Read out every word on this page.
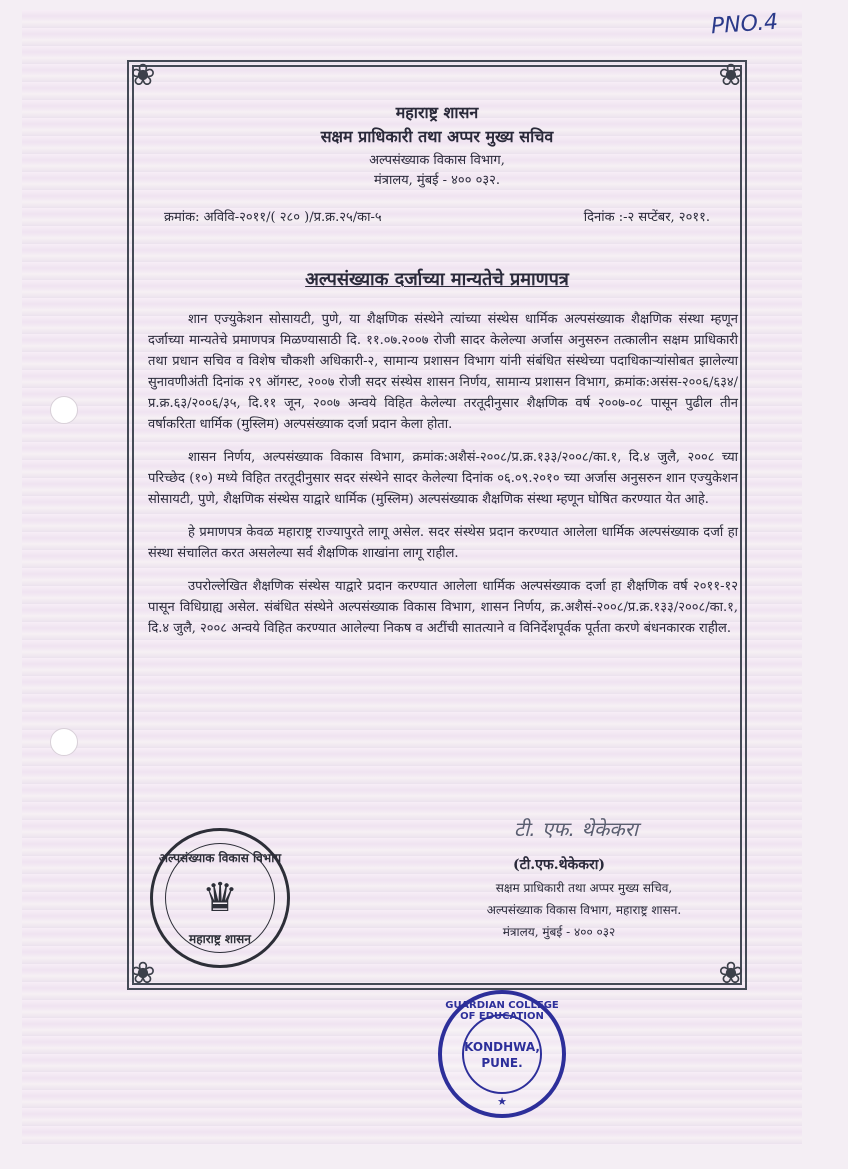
PNO.4
❀	❀
❀	❀
महाराष्ट्र शासन
सक्षम प्राधिकारी तथा अप्पर मुख्य सचिव
अल्पसंख्याक विकास विभाग,
मंत्रालय, मुंबई - ४०० ०३२.
क्रमांक: अविवि-२०११/( २८० )/प्र.क्र.२५/का-५	दिनांक :-२ सप्टेंबर, २०११.
अल्पसंख्याक दर्जाच्या मान्यतेचे प्रमाणपत्र

शान एज्युकेशन सोसायटी, पुणे, या शैक्षणिक संस्थेने त्यांच्या संस्थेस धार्मिक अल्पसंख्याक शैक्षणिक संस्था म्हणून दर्जाच्या मान्यतेचे प्रमाणपत्र मिळण्यासाठी दि. ११.०७.२००७ रोजी सादर केलेल्या अर्जास अनुसरुन तत्कालीन सक्षम प्राधिकारी तथा प्रधान सचिव व विशेष चौकशी अधिकारी-२, सामान्य प्रशासन विभाग यांनी संबंधित संस्थेच्या पदाधिकाऱ्यांसोबत झालेल्या सुनावणीअंती दिनांक २९ ऑगस्ट, २००७ रोजी सदर संस्थेस शासन निर्णय, सामान्य प्रशासन विभाग, क्रमांक:असंस-२००६/६३४/प्र.क्र.६३/२००६/३५, दि.११ जून, २००७ अन्वये विहित केलेल्या तरतूदीनुसार शैक्षणिक वर्ष २००७-०८ पासून पुढील तीन वर्षाकरिता धार्मिक (मुस्लिम) अल्पसंख्याक दर्जा प्रदान केला होता.

शासन निर्णय, अल्पसंख्याक विकास विभाग, क्रमांक:अशैसं-२००८/प्र.क्र.१३३/२००८/का.१, दि.४ जुलै, २००८ च्या परिच्छेद (१०) मध्ये विहित तरतूदीनुसार सदर संस्थेने सादर केलेल्या दिनांक ०६.०९.२०१० च्या अर्जास अनुसरुन शान एज्युकेशन सोसायटी, पुणे, शैक्षणिक संस्थेस याद्वारे धार्मिक (मुस्लिम) अल्पसंख्याक शैक्षणिक संस्था म्हणून घोषित करण्यात येत आहे.

हे प्रमाणपत्र केवळ महाराष्ट्र राज्यापुरते लागू असेल. सदर संस्थेस प्रदान करण्यात आलेला धार्मिक अल्पसंख्याक दर्जा हा संस्था संचालित करत असलेल्या सर्व शैक्षणिक शाखांना लागू राहील.

उपरोल्लेखित शैक्षणिक संस्थेस याद्वारे प्रदान करण्यात आलेला धार्मिक अल्पसंख्याक दर्जा हा शैक्षणिक वर्ष २०११-१२ पासून विधिग्राह्य असेल. संबंधित संस्थेने अल्पसंख्याक विकास विभाग, शासन निर्णय, क्र.अशैसं-२००८/प्र.क्र.१३३/२००८/का.१, दि.४ जुलै, २००८ अन्वये विहित करण्यात आलेल्या निकष व अटींची सातत्याने व विनिर्देशपूर्वक पूर्तता करणे बंधनकारक राहील.

टी. एफ. थेकेकरा
(टी.एफ.थेकेकरा)
सक्षम प्राधिकारी तथा अप्पर मुख्य सचिव,
अल्पसंख्याक विकास विभाग, महाराष्ट्र शासन.
मंत्रालय, मुंबई - ४०० ०३२
अल्पसंख्याक विकास विभाग
♛
महाराष्ट्र शासन
GUARDIAN COLLEGE OF EDUCATION
KONDHWA,
PUNE.
★
